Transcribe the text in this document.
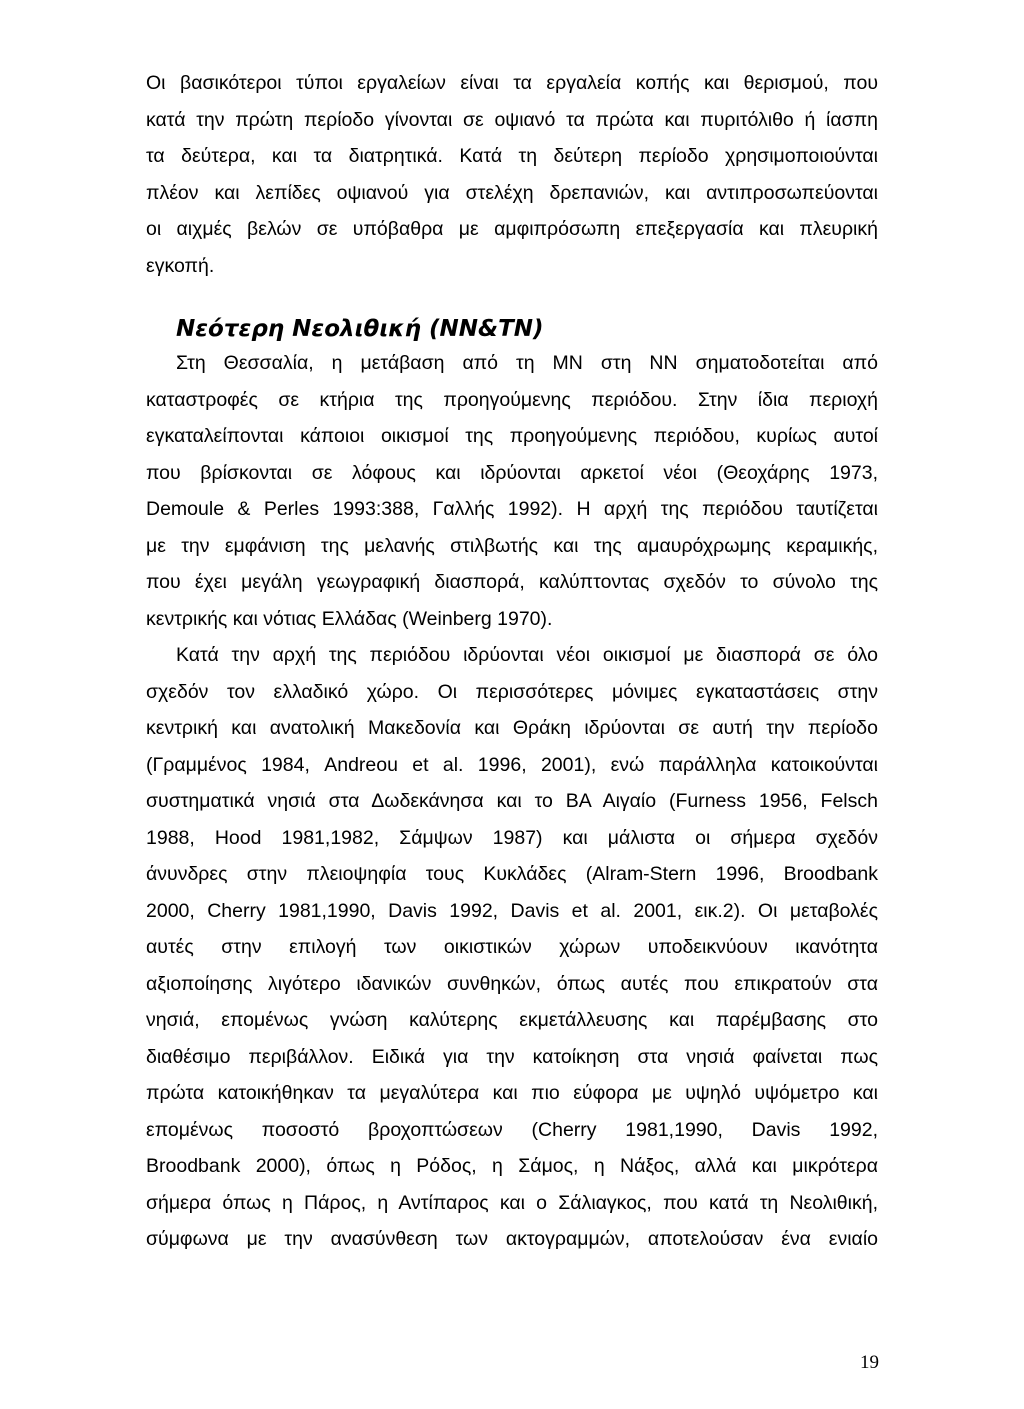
Οι βασικότεροι τύποι εργαλείων είναι τα εργαλεία κοπής και θερισμού, που
κατά την πρώτη περίοδο γίνονται σε οψιανό τα πρώτα και πυριτόλιθο ή ίασπη
τα δεύτερα, και τα διατρητικά. Κατά τη δεύτερη περίοδο χρησιμοποιούνται
πλέον και λεπίδες οψιανού για στελέχη δρεπανιών, και αντιπροσωπεύονται
οι αιχμές βελών σε υπόβαθρα με αμφιπρόσωπη επεξεργασία και πλευρική
εγκοπή.
Νεότερη Νεολιθική (ΝΝ&ΤΝ)
Στη Θεσσαλία, η μετάβαση από τη ΜΝ στη ΝΝ σηματοδοτείται από
καταστροφές σε κτήρια της προηγούμενης περιόδου. Στην ίδια περιοχή
εγκαταλείπονται κάποιοι οικισμοί της προηγούμενης περιόδου, κυρίως αυτοί
που βρίσκονται σε λόφους και ιδρύονται αρκετοί νέοι (Θεοχάρης 1973,
Demoule & Perles 1993:388, Γαλλής 1992). Η αρχή της περιόδου ταυτίζεται
με την εμφάνιση της μελανής στιλβωτής και της αμαυρόχρωμης κεραμικής,
που έχει μεγάλη γεωγραφική διασπορά, καλύπτοντας σχεδόν το σύνολο της
κεντρικής και νότιας Ελλάδας (Weinberg 1970).
Κατά την αρχή της περιόδου ιδρύονται νέοι οικισμοί με διασπορά σε όλο
σχεδόν τον ελλαδικό χώρο. Οι περισσότερες μόνιμες εγκαταστάσεις στην
κεντρική και ανατολική Μακεδονία και Θράκη ιδρύονται σε αυτή την περίοδο
(Γραμμένος 1984, Andreou et al. 1996, 2001), ενώ παράλληλα κατοικούνται
συστηματικά νησιά στα Δωδεκάνησα και το ΒΑ Αιγαίο (Furness 1956, Felsch
1988, Hood 1981,1982, Σάμψων 1987) και μάλιστα οι σήμερα σχεδόν
άνυνδρες στην πλειοψηφία τους Κυκλάδες (Alram-Stern 1996, Broodbank
2000, Cherry 1981,1990, Davis 1992, Davis et al. 2001, εικ.2). Οι μεταβολές
αυτές στην επιλογή των οικιστικών χώρων υποδεικνύουν ικανότητα
αξιοποίησης λιγότερο ιδανικών συνθηκών, όπως αυτές που επικρατούν στα
νησιά, επομένως γνώση καλύτερης εκμετάλλευσης και παρέμβασης στο
διαθέσιμο περιβάλλον. Ειδικά για την κατοίκηση στα νησιά φαίνεται πως
πρώτα κατοικήθηκαν τα μεγαλύτερα και πιο εύφορα με υψηλό υψόμετρο και
επομένως ποσοστό βροχοπτώσεων (Cherry 1981,1990, Davis 1992,
Broodbank 2000), όπως η Ρόδος, η Σάμος, η Νάξος, αλλά και μικρότερα
σήμερα όπως η Πάρος, η Αντίπαρος και ο Σάλιαγκος, που κατά τη Νεολιθική,
σύμφωνα με την ανασύνθεση των ακτογραμμών, αποτελούσαν ένα ενιαίο
19
